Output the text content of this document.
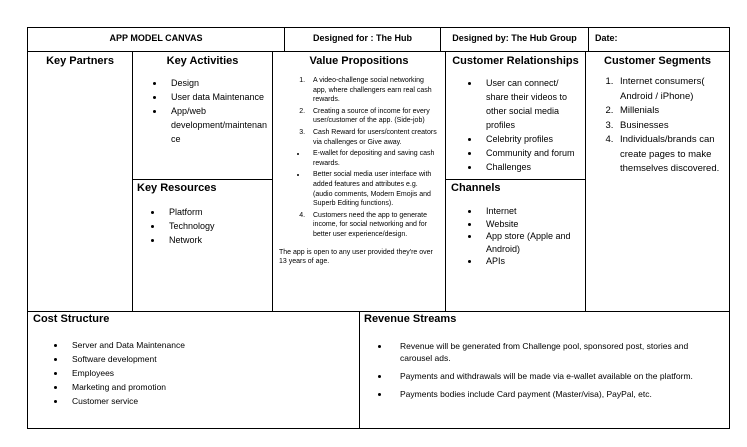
APP MODEL CANVAS	Designed for : The Hub	Designed by: The Hub Group	Date:
Key Partners	Key Activities
• Design
• User data Maintenance
• App/web development/maintenan ce
Key Resources
• Platform
• Technology
• Network
Value Propositions
1. A video-challenge social networking app, where challengers earn real cash rewards.
2. Creating a source of income for every user/customer of the app. (Side-job)
3. Cash Reward for users/content creators via challenges or Give away.
• E-wallet for depositing and saving cash rewards.
• Better social media user interface with added features and attributes e.g. (audio comments, Modern Emojis and Superb Editing functions).
4. Customers need the app to generate income, for social networking and for better user experience/design.
The app is open to any user provided they're over 13 years of age.
Customer Relationships
• User can connect/ share their videos to other social media profiles
• Celebrity profiles
• Community and forum
• Challenges
Channels
• Internet
• Website
• App store (Apple and Android)
• APIs
Customer Segments
1. Internet consumers( Android / iPhone)
2. Millenials
3. Businesses
4. Individuals/brands can create pages to make themselves discovered.
Cost Structure
• Server and Data Maintenance
• Software development
• Employees
• Marketing and promotion
• Customer service
Revenue Streams
• Revenue will be generated from Challenge pool, sponsored post, stories and carousel ads.
• Payments and withdrawals will be made via e-wallet available on the platform.
• Payments bodies include Card payment (Master/visa), PayPal, etc.
